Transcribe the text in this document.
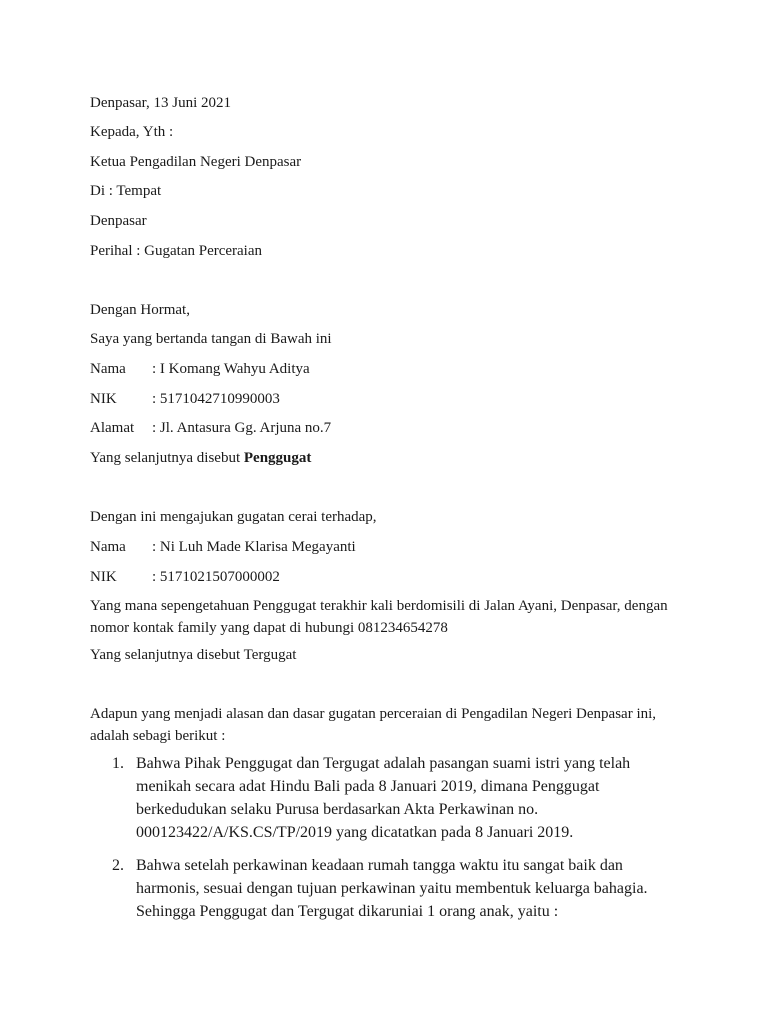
Denpasar, 13 Juni 2021
Kepada, Yth :
Ketua Pengadilan Negeri Denpasar
Di : Tempat
Denpasar
Perihal : Gugatan Perceraian
Dengan Hormat,
Saya yang bertanda tangan di Bawah ini
Nama : I Komang Wahyu Aditya
NIK : 5171042710990003
Alamat : Jl. Antasura Gg. Arjuna no.7
Yang selanjutnya disebut Penggugat
Dengan ini mengajukan gugatan cerai terhadap,
Nama : Ni Luh Made Klarisa Megayanti
NIK : 5171021507000002
Yang mana sepengetahuan Penggugat terakhir kali berdomisili di Jalan Ayani, Denpasar, dengan
nomor kontak family yang dapat di hubungi 081234654278
Yang selanjutnya disebut Tergugat
Adapun yang menjadi alasan dan dasar gugatan perceraian di Pengadilan Negeri Denpasar ini,
adalah sebagi berikut :
1. Bahwa Pihak Penggugat dan Tergugat adalah pasangan suami istri yang telah
menikah secara adat Hindu Bali pada 8 Januari 2019, dimana Penggugat
berkedudukan selaku Purusa berdasarkan Akta Perkawinan no.
000123422/A/KS.CS/TP/2019 yang dicatatkan pada 8 Januari 2019.
2. Bahwa setelah perkawinan keadaan rumah tangga waktu itu sangat baik dan
harmonis, sesuai dengan tujuan perkawinan yaitu membentuk keluarga bahagia.
Sehingga Penggugat dan Tergugat dikaruniai 1 orang anak, yaitu :
